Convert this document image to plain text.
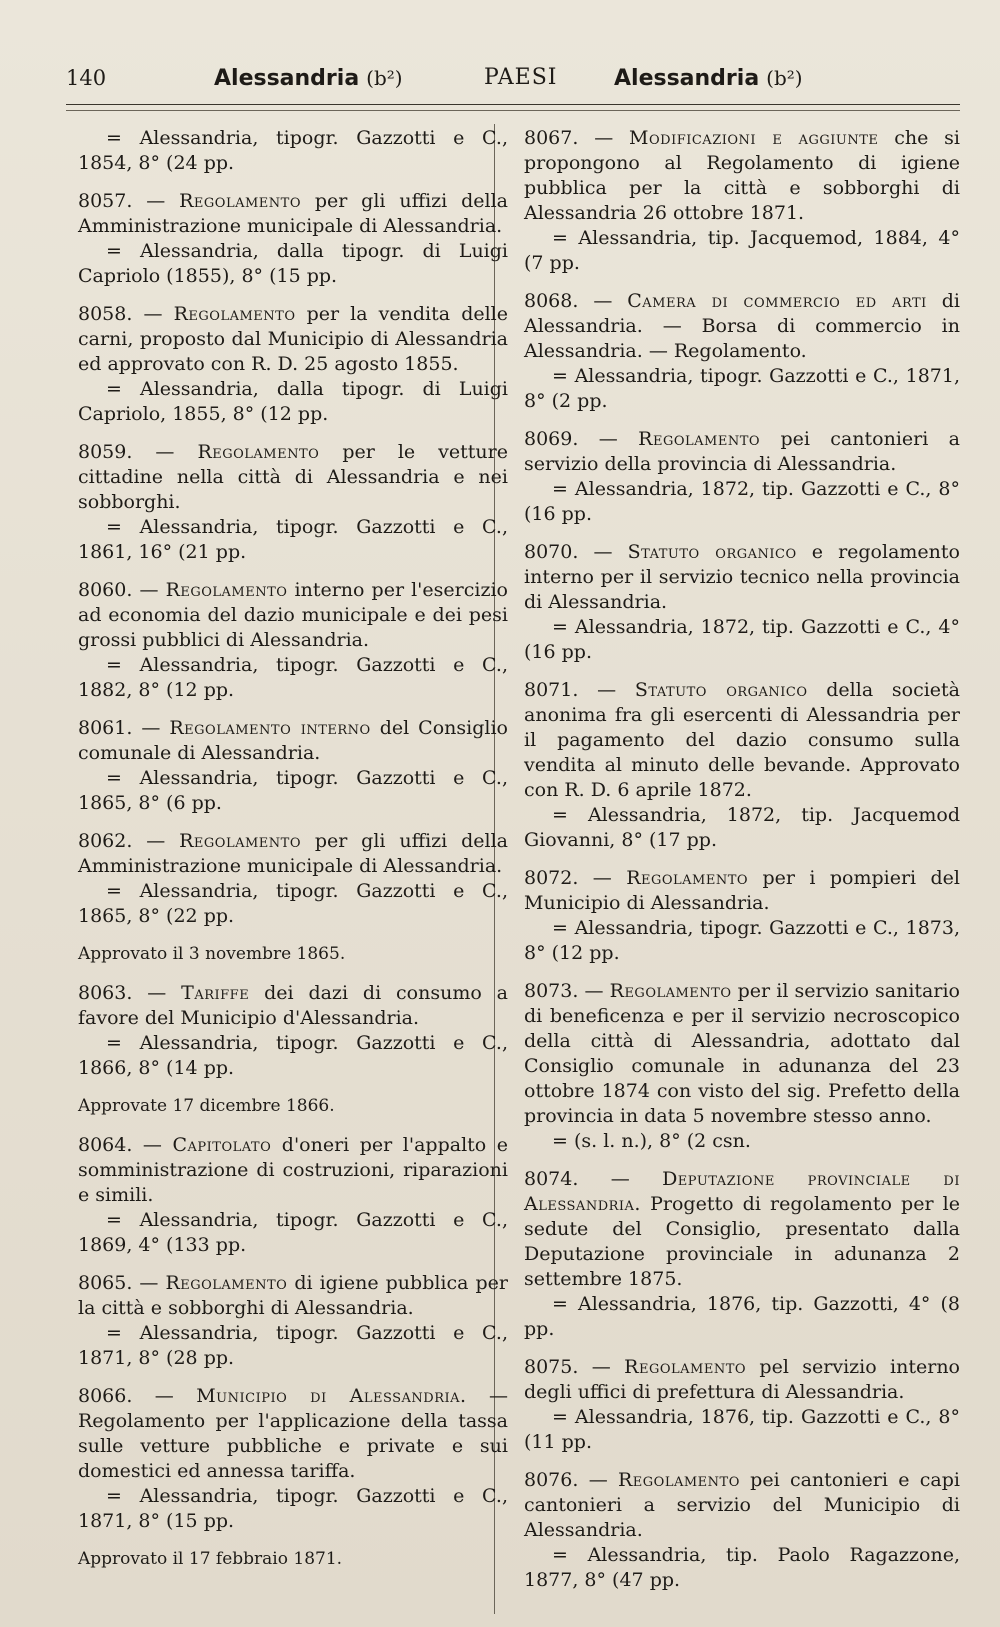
140	Alessandria (b²)	PAESI	Alessandria (b²)

= Alessandria, tipogr. Gazzotti e C., 1854, 8° (24 pp.

8057. — Regolamento per gli uffizi della Amministrazione municipale di Alessandria.

= Alessandria, dalla tipogr. di Luigi Capriolo (1855), 8° (15 pp.

8058. — Regolamento per la vendita delle carni, proposto dal Municipio di Alessandria ed approvato con R. D. 25 agosto 1855.

= Alessandria, dalla tipogr. di Luigi Capriolo, 1855, 8° (12 pp.

8059. — Regolamento per le vetture cittadine nella città di Alessandria e nei sobborghi.

= Alessandria, tipogr. Gazzotti e C., 1861, 16° (21 pp.

8060. — Regolamento interno per l'esercizio ad economia del dazio municipale e dei pesi grossi pubblici di Alessandria.

= Alessandria, tipogr. Gazzotti e C., 1882, 8° (12 pp.

8061. — Regolamento interno del Consiglio comunale di Alessandria.

= Alessandria, tipogr. Gazzotti e C., 1865, 8° (6 pp.

8062. — Regolamento per gli uffizi della Amministrazione municipale di Alessandria.

= Alessandria, tipogr. Gazzotti e C., 1865, 8° (22 pp.

Approvato il 3 novembre 1865.

8063. — Tariffe dei dazi di consumo a favore del Municipio d'Alessandria.

= Alessandria, tipogr. Gazzotti e C., 1866, 8° (14 pp.

Approvate 17 dicembre 1866.

8064. — Capitolato d'oneri per l'appalto e somministrazione di costruzioni, riparazioni e simili.

= Alessandria, tipogr. Gazzotti e C., 1869, 4° (133 pp.

8065. — Regolamento di igiene pubblica per la città e sobborghi di Alessandria.

= Alessandria, tipogr. Gazzotti e C., 1871, 8° (28 pp.

8066. — Municipio di Alessandria. — Regolamento per l'applicazione della tassa sulle vetture pubbliche e private e sui domestici ed annessa tariffa.

= Alessandria, tipogr. Gazzotti e C., 1871, 8° (15 pp.

Approvato il 17 febbraio 1871.

8067. — Modificazioni e aggiunte che si propongono al Regolamento di igiene pubblica per la città e sobborghi di Alessandria 26 ottobre 1871.

= Alessandria, tip. Jacquemod, 1884, 4° (7 pp.

8068. — Camera di commercio ed arti di Alessandria. — Borsa di commercio in Alessandria. — Regolamento.

= Alessandria, tipogr. Gazzotti e C., 1871, 8° (2 pp.

8069. — Regolamento pei cantonieri a servizio della provincia di Alessandria.

= Alessandria, 1872, tip. Gazzotti e C., 8° (16 pp.

8070. — Statuto organico e regolamento interno per il servizio tecnico nella provincia di Alessandria.

= Alessandria, 1872, tip. Gazzotti e C., 4° (16 pp.

8071. — Statuto organico della società anonima fra gli esercenti di Alessandria per il pagamento del dazio consumo sulla vendita al minuto delle bevande. Approvato con R. D. 6 aprile 1872.

= Alessandria, 1872, tip. Jacquemod Giovanni, 8° (17 pp.

8072. — Regolamento per i pompieri del Municipio di Alessandria.

= Alessandria, tipogr. Gazzotti e C., 1873, 8° (12 pp.

8073. — Regolamento per il servizio sanitario di beneficenza e per il servizio necroscopico della città di Alessandria, adottato dal Consiglio comunale in adunanza del 23 ottobre 1874 con visto del sig. Prefetto della provincia in data 5 novembre stesso anno.

= (s. l. n.), 8° (2 csn.

8074. — Deputazione provinciale di Alessandria. Progetto di regolamento per le sedute del Consiglio, presentato dalla Deputazione provinciale in adunanza 2 settembre 1875.

= Alessandria, 1876, tip. Gazzotti, 4° (8 pp.

8075. — Regolamento pel servizio interno degli uffici di prefettura di Alessandria.

= Alessandria, 1876, tip. Gazzotti e C., 8° (11 pp.

8076. — Regolamento pei cantonieri e capi cantonieri a servizio del Municipio di Alessandria.

= Alessandria, tip. Paolo Ragazzone, 1877, 8° (47 pp.
